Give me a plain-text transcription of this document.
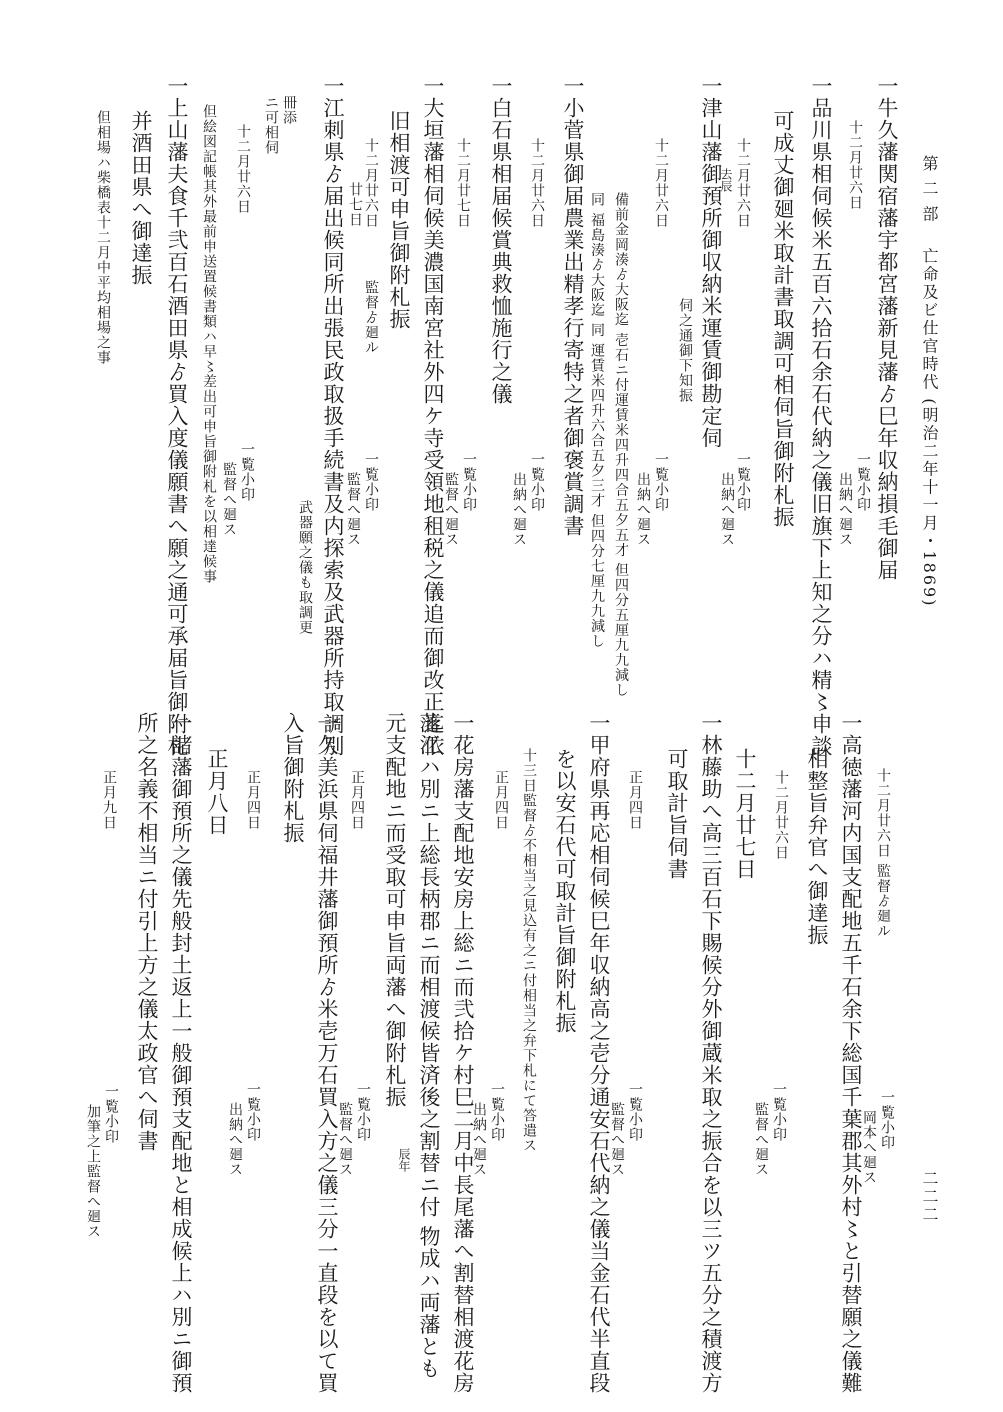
第 二 部亡命及ビ仕官時代 (明治二年十一月・1869)
二二二
一牛久藩関宿藩宇都宮藩新見藩ゟ巳年収納損毛御届
十二月廿六日
一覧小印
出納へ廻ス
一品川県相伺候米五百六拾石余石代納之儀旧旗下上知之分ハ精〻申談
可成丈御廻米取計書取調可相伺旨御附札振
十二月廿六日
去辰
一覧小印
出納へ廻ス
一津山藩御預所御収納米運賃御勘定伺
伺之通御下知振
十二月廿六日
一覧小印
出納へ廻ス
備前金岡湊ゟ大阪迄 壱石ニ付運賃米四升四合五夕五才 但四分五厘九九減し
同 福島湊ゟ大阪迄 同 運賃米四升六合五夕三才 但四分七厘九九減し
一小菅県御届農業出精孝行寄特之者御褒賞調書
十二月廿六日
一覧小印
出納へ廻ス
一白石県相届候賞典救恤施行之儀
十二月廿七日
一覧小印
監督へ廻ス
一大垣藩相伺候美濃国南宮社外四ケ寺受領地租税之儀追而御改正迄依
旧相渡可申旨御附札振
十二月廿六日
廿七日
監督ゟ廻ル
一覧小印
監督へ廻ス
一江刺県ゟ届出候同所出張民政取扱手続書及内探索及武器所持取調別
武器願之儀も取調更
冊添
ニ可相伺
十二月廿六日
一覧小印
監督へ廻ス
但絵図記帳其外最前申送置候書類ハ早〻差出可申旨御附札を以相達候事
一上山藩夫食千弐百石酒田県ゟ買入度儀願書へ願之通可承届旨御附札
并酒田県へ御達振
但相場ハ柴橋表十二月中平均相場之事
十二月廿六日 監督ゟ廻ル
一覧小印
岡本へ廻ス
一高徳藩河内国支配地五千石余下総国千葉郡其外村〻と引替願之儀難
相整旨弁官へ御達振
十二月廿六日
一覧小印
監督へ廻ス
十二月廿七日
一林藤助へ高三百石下賜候分外御蔵米取之振合を以三ツ五分之積渡方
可取計旨伺書
正月四日
一覧小印
監督へ廻ス
一甲府県再応相伺候巳年収納高之壱分通安石代納之儀当金石代半直段
を以安石代可取計旨御附札振
十三日監督ゟ不相当之見込有之ニ付相当之弁下札にて答遣ス
正月四日
一覧小印
出納へ廻ス
一花房藩支配地安房上総ニ而弐拾ケ村巳二月中長尾藩へ割替相渡花房
藩江ハ別ニ上総長柄郡ニ而相渡候皆済後之割替ニ付 物成ハ両藩とも
辰年
元支配地ニ而受取可申旨両藩へ御附札振
正月四日
一覧小印
監督へ廻ス
一久美浜県伺福井藩御預所ゟ米壱万石買入方之儀三分一直段を以て買
入旨御附札振
正月四日
一覧小印
出納へ廻ス
正月八日
一諸藩御預所之儀先般封土返上一般御預支配地と相成候上ハ別ニ御預
所之名義不相当ニ付引上方之儀太政官へ伺書
正月九日
一覧小印
加筆之上監督へ廻ス
